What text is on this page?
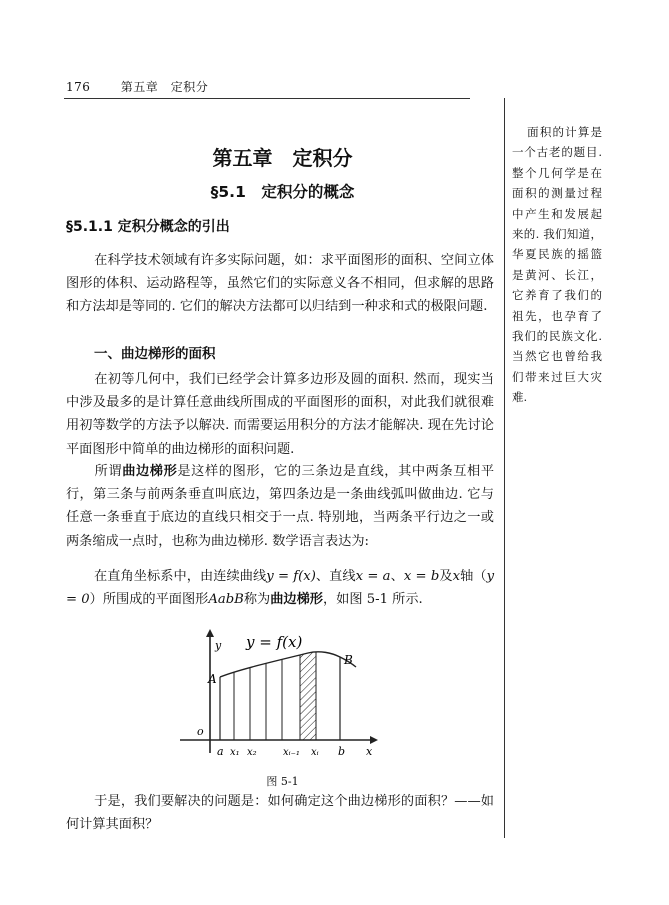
176	第五章　定积分
面积的计算是一个古老的题目. 整个几何学是在面积的测量过程中产生和发展起来的. 我们知道，华夏民族的摇篮是黄河、长江，它养育了我们的祖先，也孕育了我们的民族文化. 当然它也曾给我们带来过巨大灾难.
第五章　定积分
§5.1　定积分的概念
§5.1.1 定积分概念的引出
在科学技术领域有许多实际问题，如：求平面图形的面积、空间立体图形的体积、运动路程等，虽然它们的实际意义各不相同，但求解的思路和方法却是等同的. 它们的解决方法都可以归结到一种求和式的极限问题.
一、曲边梯形的面积
在初等几何中，我们已经学会计算多边形及圆的面积. 然而，现实当中涉及最多的是计算任意曲线所围成的平面图形的面积，对此我们就很难用初等数学的方法予以解决. 而需要运用积分的方法才能解决. 现在先讨论平面图形中简单的曲边梯形的面积问题.
所谓曲边梯形是这样的图形，它的三条边是直线，其中两条互相平行，第三条与前两条垂直叫底边，第四条边是一条曲线弧叫做曲边. 它与任意一条垂直于底边的直线只相交于一点. 特别地，当两条平行边之一或两条缩成一点时，也称为曲边梯形. 数学语言表达为:
在直角坐标系中，由连续曲线y = f(x)、直线x = a、x = b及x轴（y = 0）所围成的平面图形AabB称为曲边梯形，如图 5-1 所示.
y = f(x)
y
x
o
A
B
a x₁ x₂	xᵢ₋₁ xᵢ b
图 5-1
于是，我们要解决的问题是：如何确定这个曲边梯形的面积？——如何计算其面积？
